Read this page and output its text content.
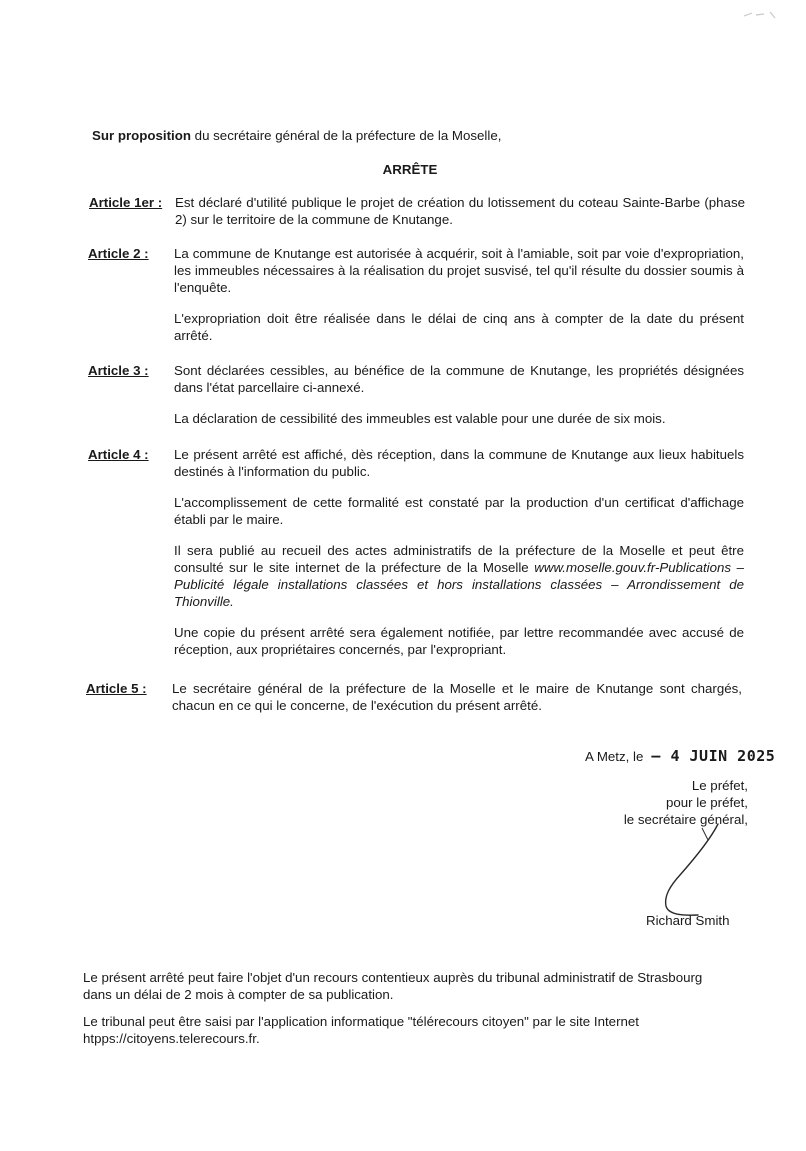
Sur proposition du secrétaire général de la préfecture de la Moselle,
ARRÊTE
Article 1er : Est déclaré d'utilité publique le projet de création du lotissement du coteau Sainte-Barbe (phase 2) sur le territoire de la commune de Knutange.

Article 2 : La commune de Knutange est autorisée à acquérir, soit à l'amiable, soit par voie d'expropriation, les immeubles nécessaires à la réalisation du projet susvisé, tel qu'il résulte du dossier soumis à l'enquête.

L'expropriation doit être réalisée dans le délai de cinq ans à compter de la date du présent arrêté.

Article 3 : Sont déclarées cessibles, au bénéfice de la commune de Knutange, les propriétés désignées dans l'état parcellaire ci-annexé.

La déclaration de cessibilité des immeubles est valable pour une durée de six mois.

Article 4 : Le présent arrêté est affiché, dès réception, dans la commune de Knutange aux lieux habituels destinés à l'information du public.

L'accomplissement de cette formalité est constaté par la production d'un certificat d'affichage établi par le maire.

Il sera publié au recueil des actes administratifs de la préfecture de la Moselle et peut être consulté sur le site internet de la préfecture de la Moselle www.moselle.gouv.fr-Publications – Publicité légale installations classées et hors installations classées – Arrondissement de Thionville.

Une copie du présent arrêté sera également notifiée, par lettre recommandée avec accusé de réception, aux propriétaires concernés, par l'expropriant.

Article 5 : Le secrétaire général de la préfecture de la Moselle et le maire de Knutange sont chargés, chacun en ce qui le concerne, de l'exécution du présent arrêté.

A Metz, le – 4 JUIN 2025
Le préfet,
pour le préfet,
le secrétaire général,
Richard Smith

Le présent arrêté peut faire l'objet d'un recours contentieux auprès du tribunal administratif de Strasbourg dans un délai de 2 mois à compter de sa publication.

Le tribunal peut être saisi par l'application informatique "télérecours citoyen" par le site Internet htpps://citoyens.telerecours.fr.
